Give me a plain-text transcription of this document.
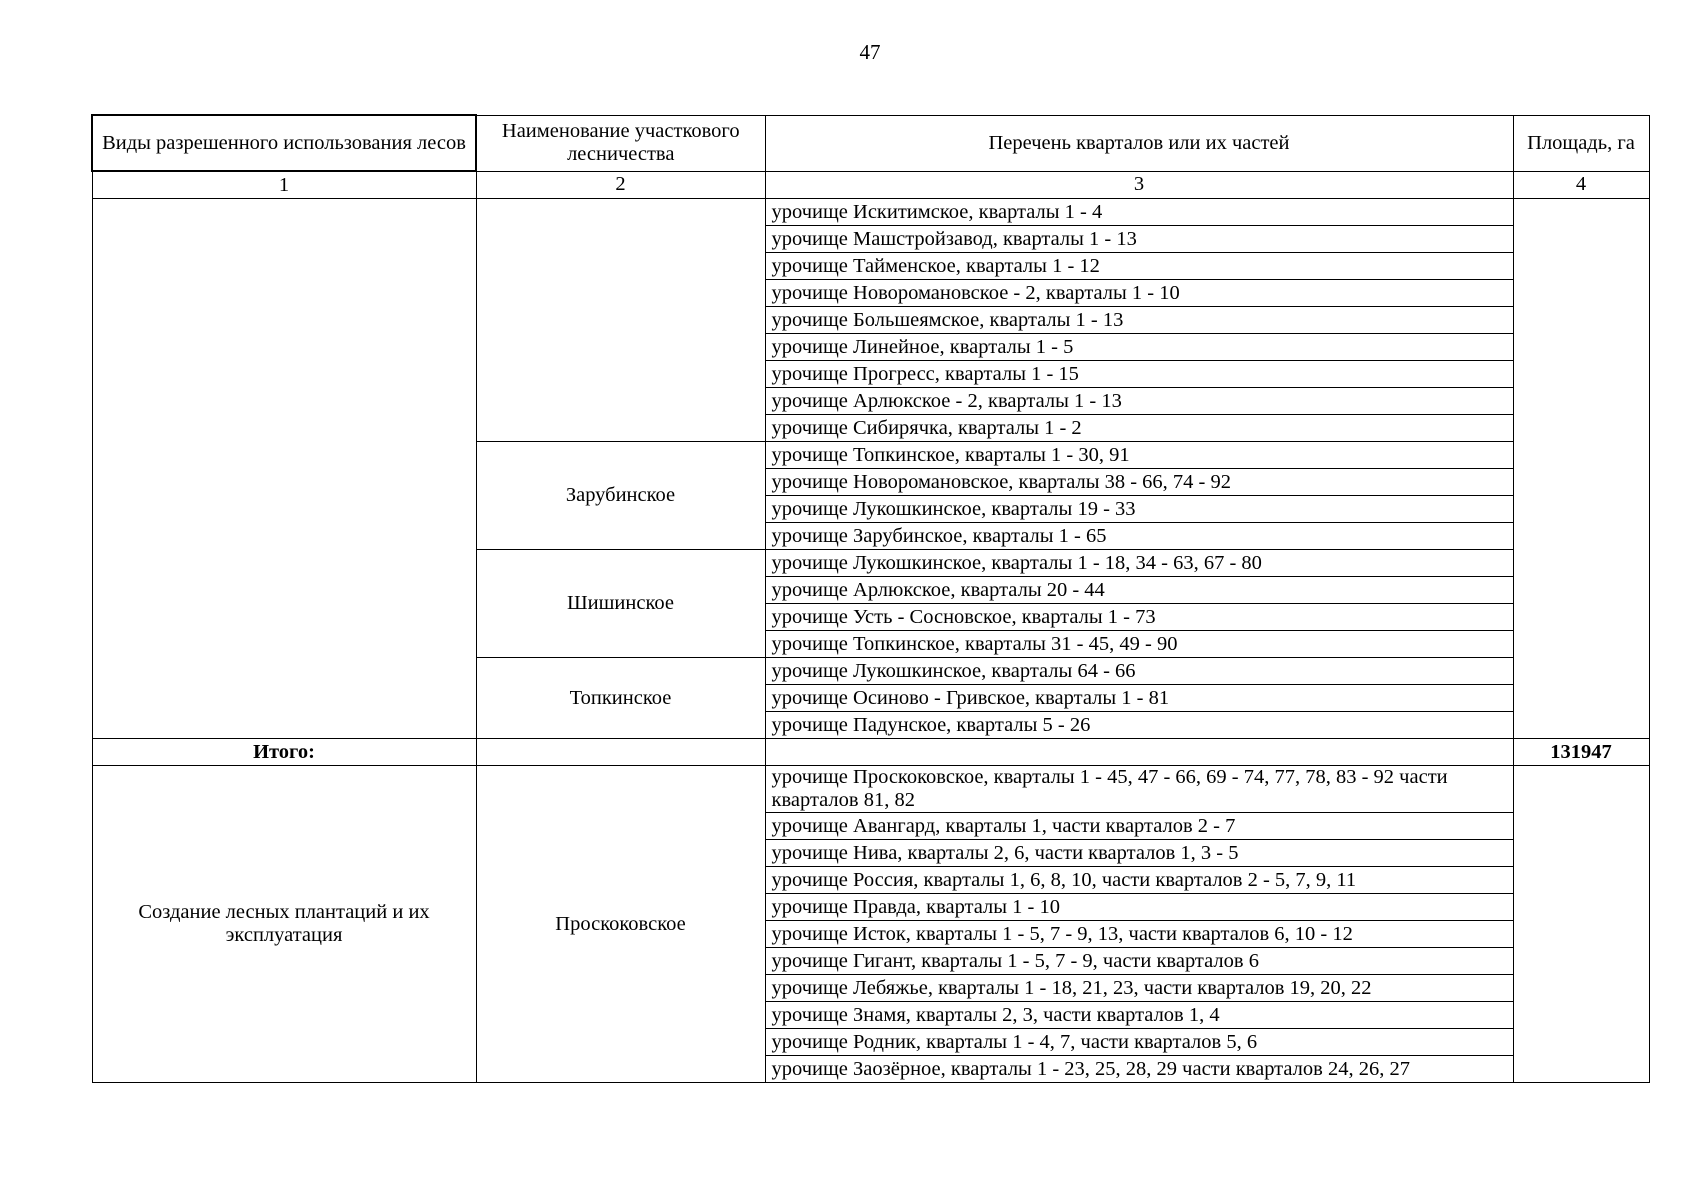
47
Виды разрешенного использования лесов	Наименование участкового лесничества	Перечень кварталов или их частей	Площадь, га
1	2	3	4
		урочище Искитимское, кварталы 1 - 4	
		урочище Машстройзавод, кварталы 1 - 13	
		урочище Тайменское, кварталы 1 - 12	
		урочище Новоромановское - 2, кварталы 1 - 10	
		урочище Большеямское, кварталы 1 - 13	
		урочище Линейное, кварталы 1 - 5	
		урочище Прогресс, кварталы 1 - 15	
		урочище Арлюкское - 2, кварталы 1 - 13	
		урочище Сибирячка, кварталы 1 - 2	
	Зарубинское	урочище Топкинское, кварталы 1 - 30, 91	
		урочище Новоромановское, кварталы 38 - 66, 74 - 92	
		урочище Лукошкинское, кварталы 19 - 33	
		урочище Зарубинское, кварталы 1 - 65	
	Шишинское	урочище Лукошкинское, кварталы 1 - 18, 34 - 63, 67 - 80	
		урочище Арлюкское, кварталы 20 - 44	
		урочище Усть - Сосновское, кварталы 1 - 73	
		урочище Топкинское, кварталы 31 - 45, 49 - 90	
	Топкинское	урочище Лукошкинское, кварталы 64 - 66	
		урочище Осиново - Гривское, кварталы 1 - 81	
		урочище Падунское, кварталы 5 - 26	
Итого:			131947
Создание лесных плантаций и их эксплуатация	Проскоковское	урочище Проскоковское, кварталы 1 - 45, 47 - 66, 69 - 74, 77, 78, 83 - 92 части кварталов 81, 82	
		урочище Авангард, кварталы 1, части кварталов 2 - 7	
		урочище Нива, кварталы 2, 6, части кварталов 1, 3 - 5	
		урочище Россия, кварталы 1, 6, 8, 10, части кварталов 2 - 5, 7, 9, 11	
		урочище Правда, кварталы 1 - 10	
		урочище Исток, кварталы 1 - 5, 7 - 9, 13, части кварталов 6, 10 - 12	
		урочище Гигант, кварталы 1 - 5, 7 - 9, части кварталов 6	
		урочище Лебяжье, кварталы 1 - 18, 21, 23, части кварталов 19, 20, 22	
		урочище Знамя, кварталы 2, 3, части кварталов 1, 4	
		урочище Родник, кварталы 1 - 4, 7, части кварталов 5, 6	
		урочище Заозёрное, кварталы 1 - 23, 25, 28, 29 части кварталов 24, 26, 27	
